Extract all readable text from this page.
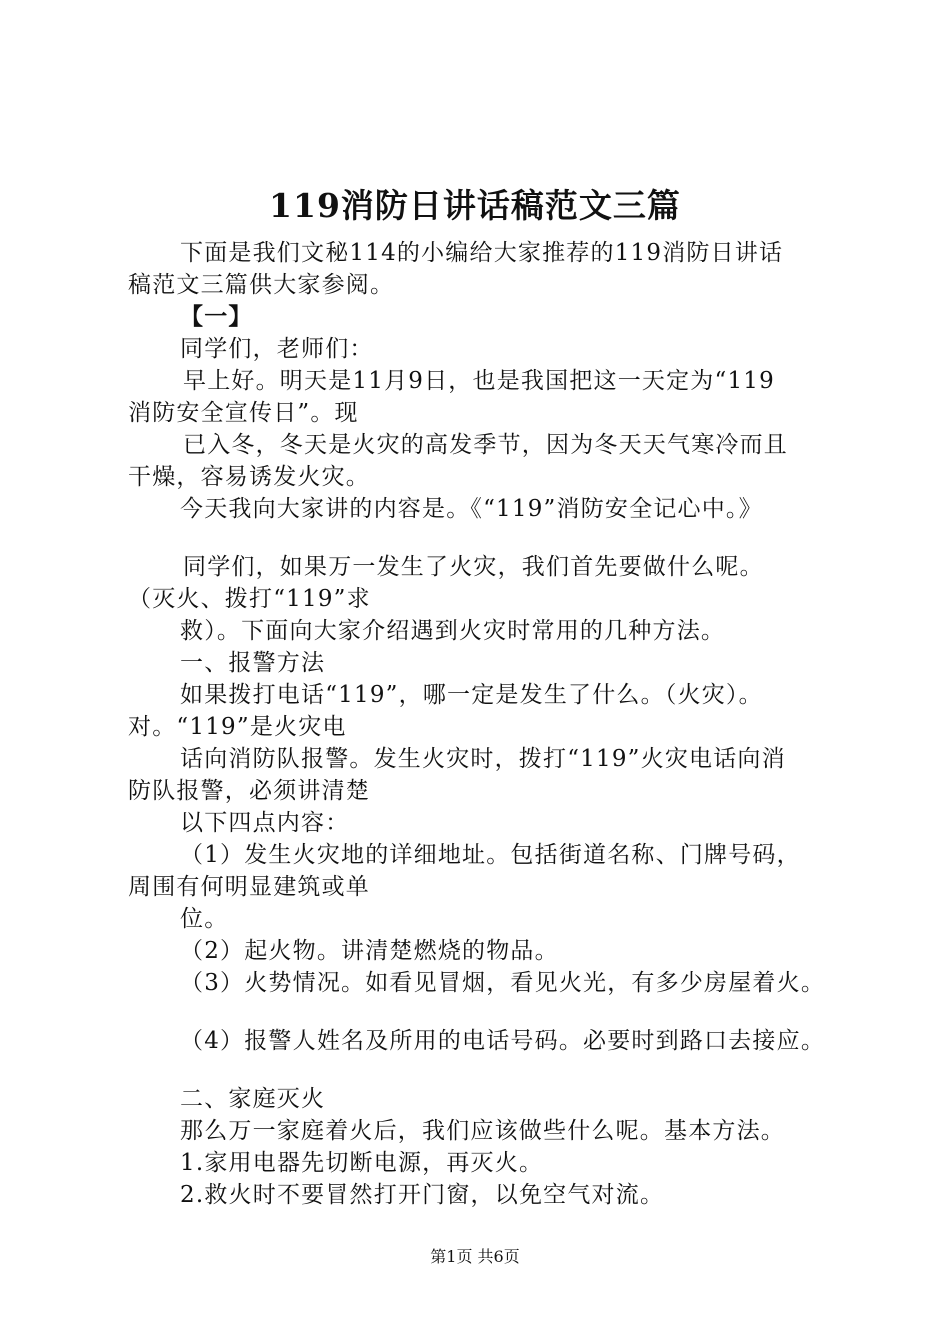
119消防日讲话稿范文三篇
下面是我们文秘114的小编给大家推荐的119消防日讲话
稿范文三篇供大家参阅。
【一】
同学们，老师们：
早上好。明天是11月9日，也是我国把这一天定为“119
消防安全宣传日”。现
已入冬，冬天是火灾的高发季节，因为冬天天气寒冷而且
干燥，容易诱发火灾。
今天我向大家讲的内容是。《“119”消防安全记心中。》
同学们，如果万一发生了火灾，我们首先要做什么呢。
（灭火、拨打“119”求
救）。下面向大家介绍遇到火灾时常用的几种方法。
一、报警方法
如果拨打电话“119”，哪一定是发生了什么。（火灾）。
对。“119”是火灾电
话向消防队报警。发生火灾时，拨打“119”火灾电话向消
防队报警，必须讲清楚
以下四点内容：
（1）发生火灾地的详细地址。包括街道名称、门牌号码，
周围有何明显建筑或单
位。
（2）起火物。讲清楚燃烧的物品。
（3）火势情况。如看见冒烟，看见火光，有多少房屋着火。
（4）报警人姓名及所用的电话号码。必要时到路口去接应。
二、家庭灭火
那么万一家庭着火后，我们应该做些什么呢。基本方法。
1.家用电器先切断电源，再灭火。
2.救火时不要冒然打开门窗，以免空气对流。
第1页 共6页
